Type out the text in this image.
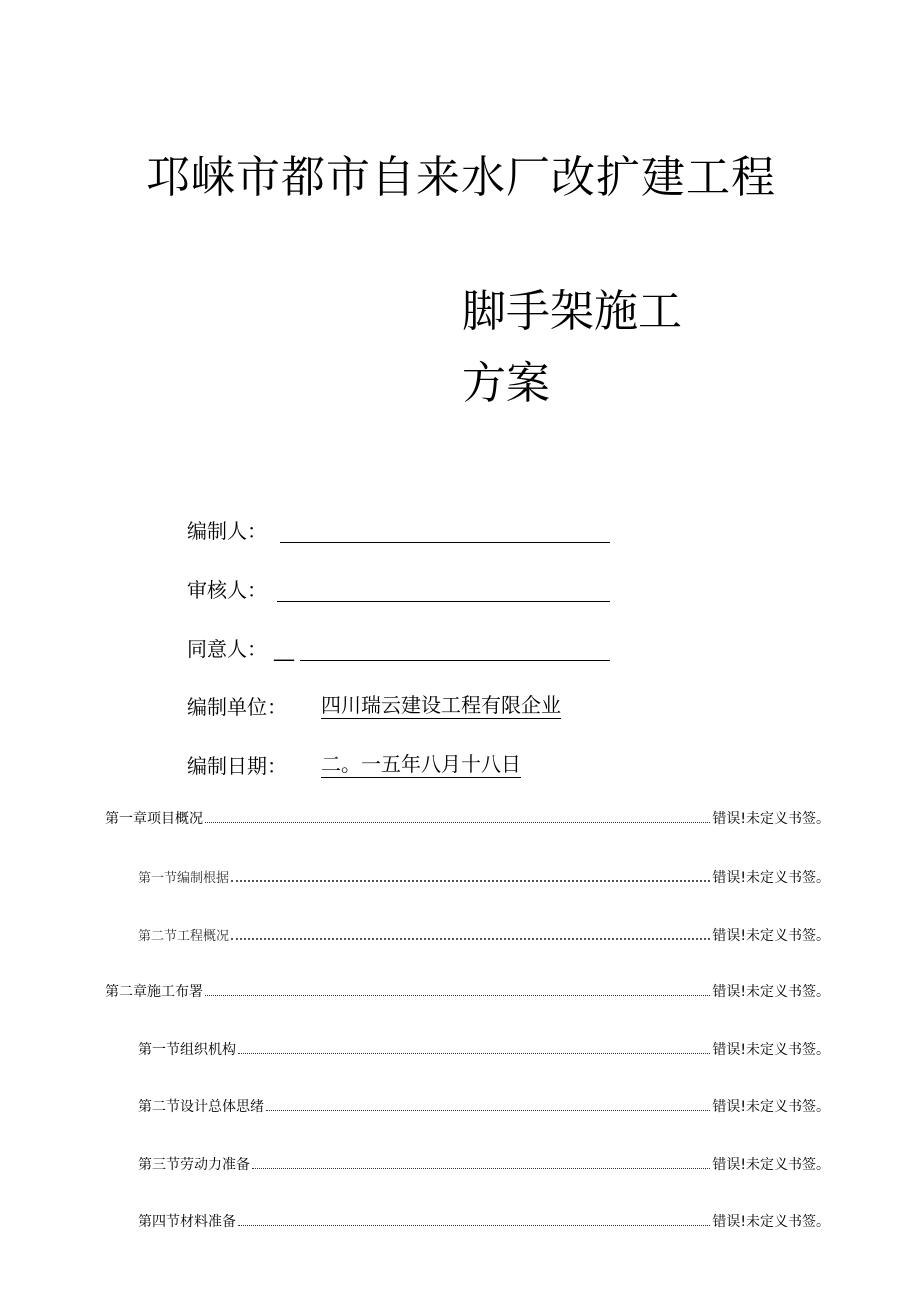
邛崃市都市自来水厂改扩建工程
脚手架施工
方案
编制人：
审核人：
同意人： __
编制单位： 四川瑞云建设工程有限企业
编制日期： 二。一五年八月十八日
第一章项目概况	错误!未定义书签。
第一节编制根据	错误!未定义书签。
第二节工程概况	错误!未定义书签。
第二章施工布署	错误!未定义书签。
第一节组织机构	错误!未定义书签。
第二节设计总体思绪	错误!未定义书签。
第三节劳动力准备	错误!未定义书签。
第四节材料准备	错误!未定义书签。
